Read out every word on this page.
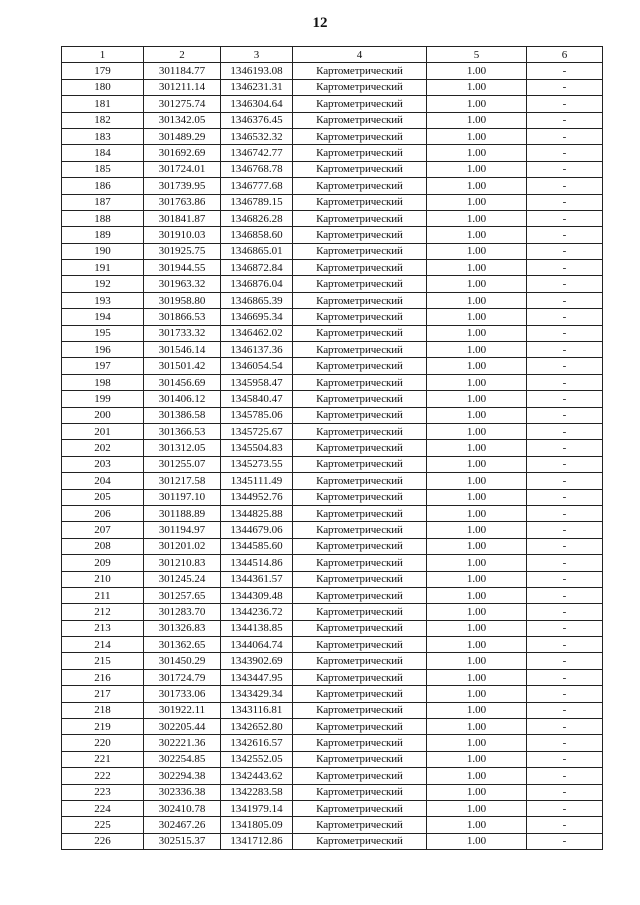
12
1	2	3	4	5	6
179	301184.77	1346193.08	Картометрический	1.00	-
180	301211.14	1346231.31	Картометрический	1.00	-
181	301275.74	1346304.64	Картометрический	1.00	-
182	301342.05	1346376.45	Картометрический	1.00	-
183	301489.29	1346532.32	Картометрический	1.00	-
184	301692.69	1346742.77	Картометрический	1.00	-
185	301724.01	1346768.78	Картометрический	1.00	-
186	301739.95	1346777.68	Картометрический	1.00	-
187	301763.86	1346789.15	Картометрический	1.00	-
188	301841.87	1346826.28	Картометрический	1.00	-
189	301910.03	1346858.60	Картометрический	1.00	-
190	301925.75	1346865.01	Картометрический	1.00	-
191	301944.55	1346872.84	Картометрический	1.00	-
192	301963.32	1346876.04	Картометрический	1.00	-
193	301958.80	1346865.39	Картометрический	1.00	-
194	301866.53	1346695.34	Картометрический	1.00	-
195	301733.32	1346462.02	Картометрический	1.00	-
196	301546.14	1346137.36	Картометрический	1.00	-
197	301501.42	1346054.54	Картометрический	1.00	-
198	301456.69	1345958.47	Картометрический	1.00	-
199	301406.12	1345840.47	Картометрический	1.00	-
200	301386.58	1345785.06	Картометрический	1.00	-
201	301366.53	1345725.67	Картометрический	1.00	-
202	301312.05	1345504.83	Картометрический	1.00	-
203	301255.07	1345273.55	Картометрический	1.00	-
204	301217.58	1345111.49	Картометрический	1.00	-
205	301197.10	1344952.76	Картометрический	1.00	-
206	301188.89	1344825.88	Картометрический	1.00	-
207	301194.97	1344679.06	Картометрический	1.00	-
208	301201.02	1344585.60	Картометрический	1.00	-
209	301210.83	1344514.86	Картометрический	1.00	-
210	301245.24	1344361.57	Картометрический	1.00	-
211	301257.65	1344309.48	Картометрический	1.00	-
212	301283.70	1344236.72	Картометрический	1.00	-
213	301326.83	1344138.85	Картометрический	1.00	-
214	301362.65	1344064.74	Картометрический	1.00	-
215	301450.29	1343902.69	Картометрический	1.00	-
216	301724.79	1343447.95	Картометрический	1.00	-
217	301733.06	1343429.34	Картометрический	1.00	-
218	301922.11	1343116.81	Картометрический	1.00	-
219	302205.44	1342652.80	Картометрический	1.00	-
220	302221.36	1342616.57	Картометрический	1.00	-
221	302254.85	1342552.05	Картометрический	1.00	-
222	302294.38	1342443.62	Картометрический	1.00	-
223	302336.38	1342283.58	Картометрический	1.00	-
224	302410.78	1341979.14	Картометрический	1.00	-
225	302467.26	1341805.09	Картометрический	1.00	-
226	302515.37	1341712.86	Картометрический	1.00	-
